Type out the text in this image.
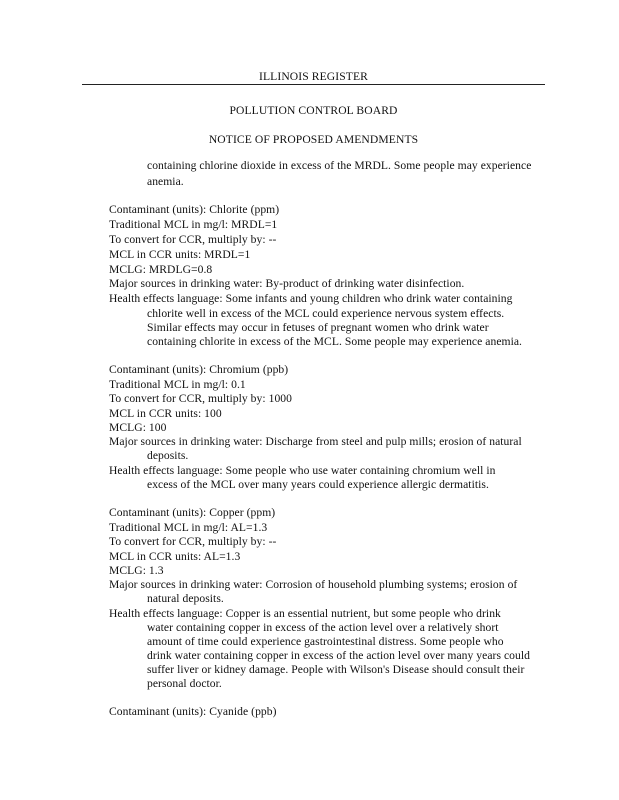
ILLINOIS REGISTER
POLLUTION CONTROL BOARD
NOTICE OF PROPOSED AMENDMENTS
containing chlorine dioxide in excess of the MRDL. Some people may experience
anemia.
Contaminant (units): Chlorite (ppm)
Traditional MCL in mg/l: MRDL=1
To convert for CCR, multiply by: --
MCL in CCR units: MRDL=1
MCLG: MRDLG=0.8
Major sources in drinking water: By-product of drinking water disinfection.
Health effects language: Some infants and young children who drink water containing
chlorite well in excess of the MCL could experience nervous system effects.
Similar effects may occur in fetuses of pregnant women who drink water
containing chlorite in excess of the MCL. Some people may experience anemia.
Contaminant (units): Chromium (ppb)
Traditional MCL in mg/l: 0.1
To convert for CCR, multiply by: 1000
MCL in CCR units: 100
MCLG: 100
Major sources in drinking water: Discharge from steel and pulp mills; erosion of natural
deposits.
Health effects language: Some people who use water containing chromium well in
excess of the MCL over many years could experience allergic dermatitis.
Contaminant (units): Copper (ppm)
Traditional MCL in mg/l: AL=1.3
To convert for CCR, multiply by: --
MCL in CCR units: AL=1.3
MCLG: 1.3
Major sources in drinking water: Corrosion of household plumbing systems; erosion of
natural deposits.
Health effects language: Copper is an essential nutrient, but some people who drink
water containing copper in excess of the action level over a relatively short
amount of time could experience gastrointestinal distress. Some people who
drink water containing copper in excess of the action level over many years could
suffer liver or kidney damage. People with Wilson's Disease should consult their
personal doctor.
Contaminant (units): Cyanide (ppb)
